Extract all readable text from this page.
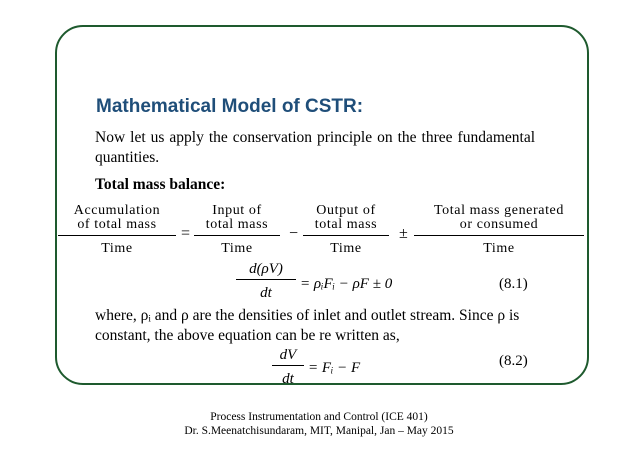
Mathematical Model of CSTR:
Now let us apply the conservation principle on the three fundamental quantities.
Total mass balance:
Accumulation
of total mass
Time
=
Input of
total mass
Time
−
Output of
total mass
Time
±
Total mass generated
or consumed
Time
d(ρV)
dt
= ρᵢFᵢ − ρF ± 0	(8.1)
where, ρᵢ and ρ are the densities of inlet and outlet stream. Since ρ is constant, the above equation can be re written as,
dV
dt
= Fᵢ − F	(8.2)
Process Instrumentation and Control (ICE 401)
Dr. S.Meenatchisundaram, MIT, Manipal, Jan – May 2015
